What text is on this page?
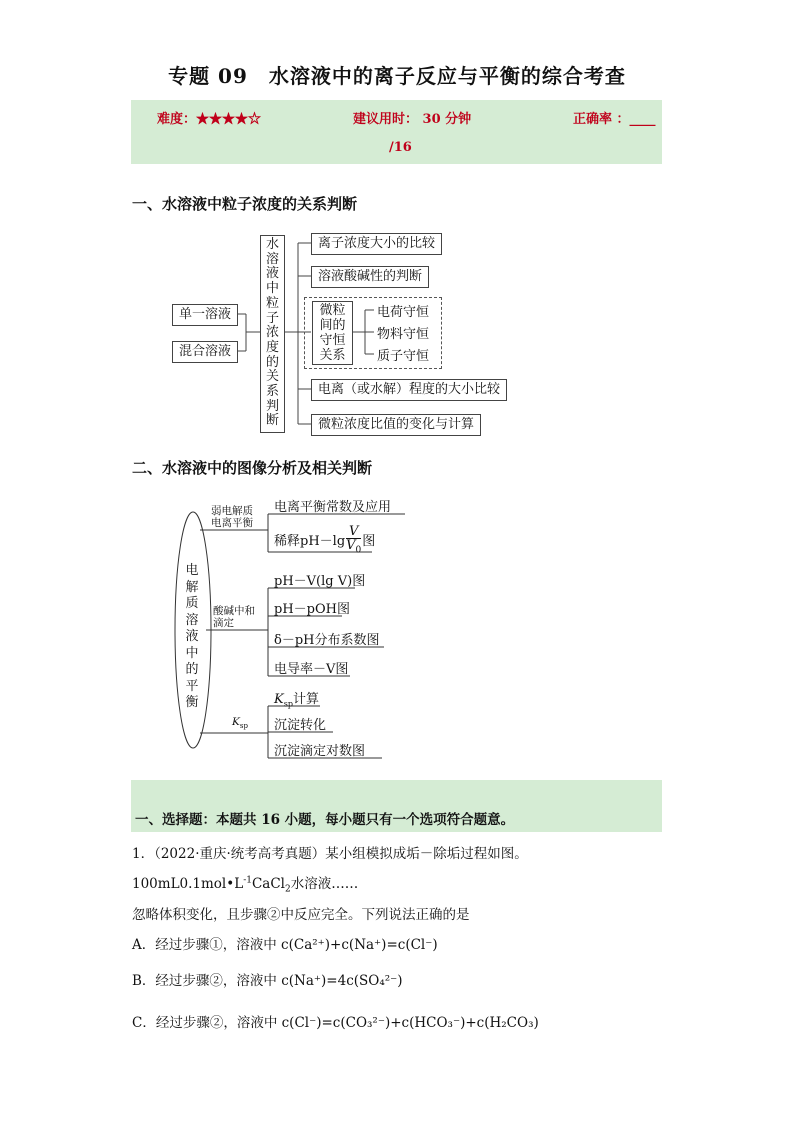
专题 09　水溶液中的离子反应与平衡的综合考查
难度：★★★★☆	建议用时： 30 分钟	正确率 ：____
/16
一、水溶液中粒子浓度的关系判断
单一溶液
混合溶液
水溶液中粒子浓度的关系判断
离子浓度大小的比较
溶液酸碱性的判断
微粒间的守恒关系
电荷守恒
物料守恒
质子守恒
电离（或水解）程度的大小比较
微粒浓度比值的变化与计算
二、水溶液中的图像分析及相关判断
电解质溶液中的平衡
弱电解质
电离平衡
电离平衡常数及应用
稀释$pH-\lg \frac{V}{V_0}$ 图
酸碱中和
滴定
pH－V(lg V)图
pH－pOH图
δ－pH分布系数图
电导率－V图
$K_{sp}$
$K_{sp}$计算
沉淀转化
沉淀滴定对数图
一、选择题：本题共 16 小题，每小题只有一个选项符合题意。
1．（2022·重庆·统考高考真题）某小组模拟成垢－除垢过程如图。
$100mL0.1mol•L^{-1}CaCl_2$水溶液……
忽略体积变化，且步骤②中反应完全。下列说法正确的是
A．经过步骤①，溶液中 c(Ca²⁺)+c(Na⁺)=c(Cl⁻)
B．经过步骤②，溶液中 c(Na⁺)=4c(SO₄²⁻)
C．经过步骤②，溶液中 c(Cl⁻)=c(CO₃²⁻)+c(HCO₃⁻)+c(H₂CO₃)
